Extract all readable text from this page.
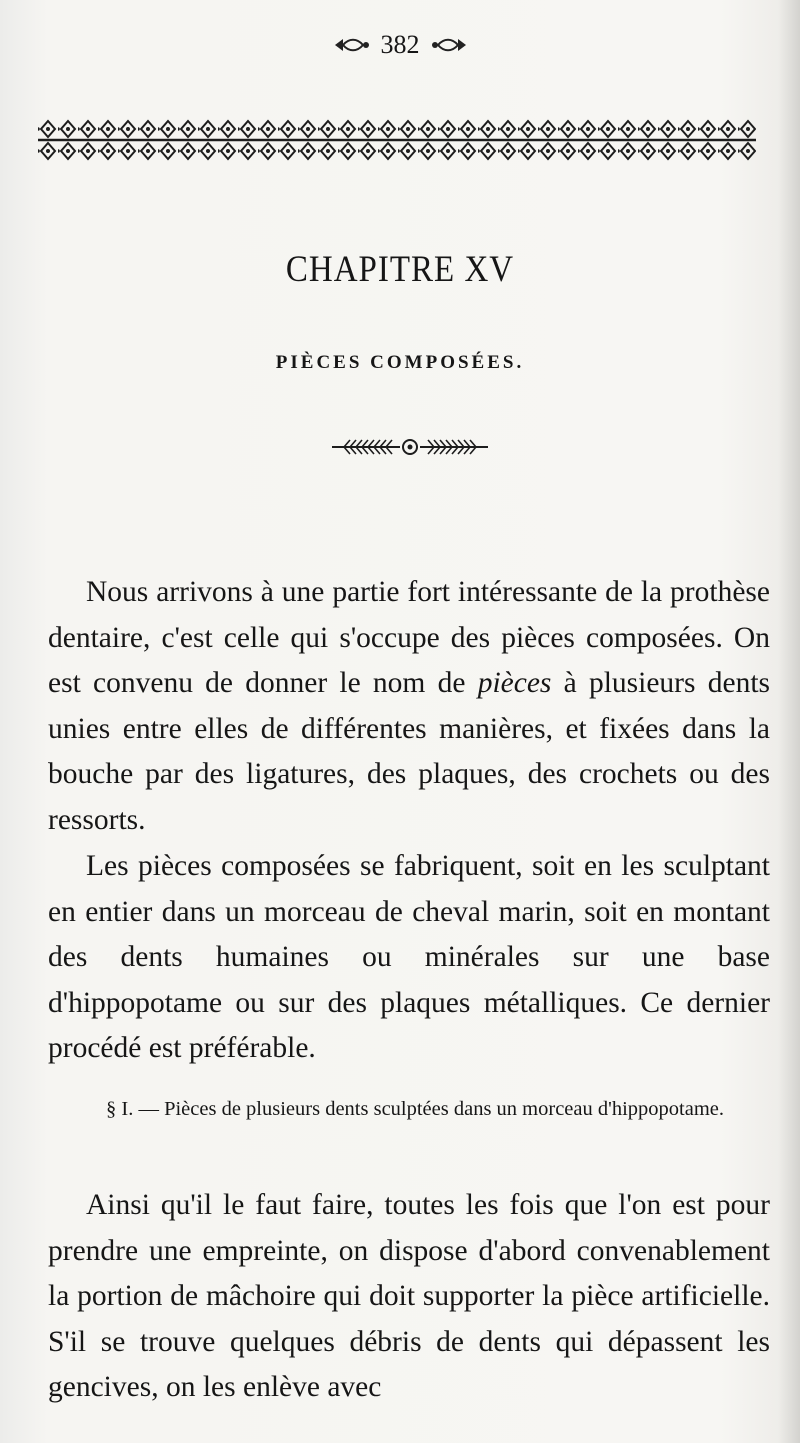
382
CHAPITRE XV
PIÈCES COMPOSÉES.

Nous arrivons à une partie fort intéressante de la prothèse dentaire, c'est celle qui s'occupe des pièces composées. On est convenu de donner le nom de pièces à plusieurs dents unies entre elles de différentes manières, et fixées dans la bouche par des ligatures, des plaques, des crochets ou des ressorts.

Les pièces composées se fabriquent, soit en les sculptant en entier dans un morceau de cheval marin, soit en montant des dents humaines ou minérales sur une base d'hippopotame ou sur des plaques métalliques. Ce dernier procédé est préférable.

§ I. — Pièces de plusieurs dents sculptées dans un morceau d'hippopotame.

Ainsi qu'il le faut faire, toutes les fois que l'on est pour prendre une empreinte, on dispose d'abord convenablement la portion de mâchoire qui doit supporter la pièce artificielle. S'il se trouve quelques débris de dents qui dépassent les gencives, on les enlève avec
